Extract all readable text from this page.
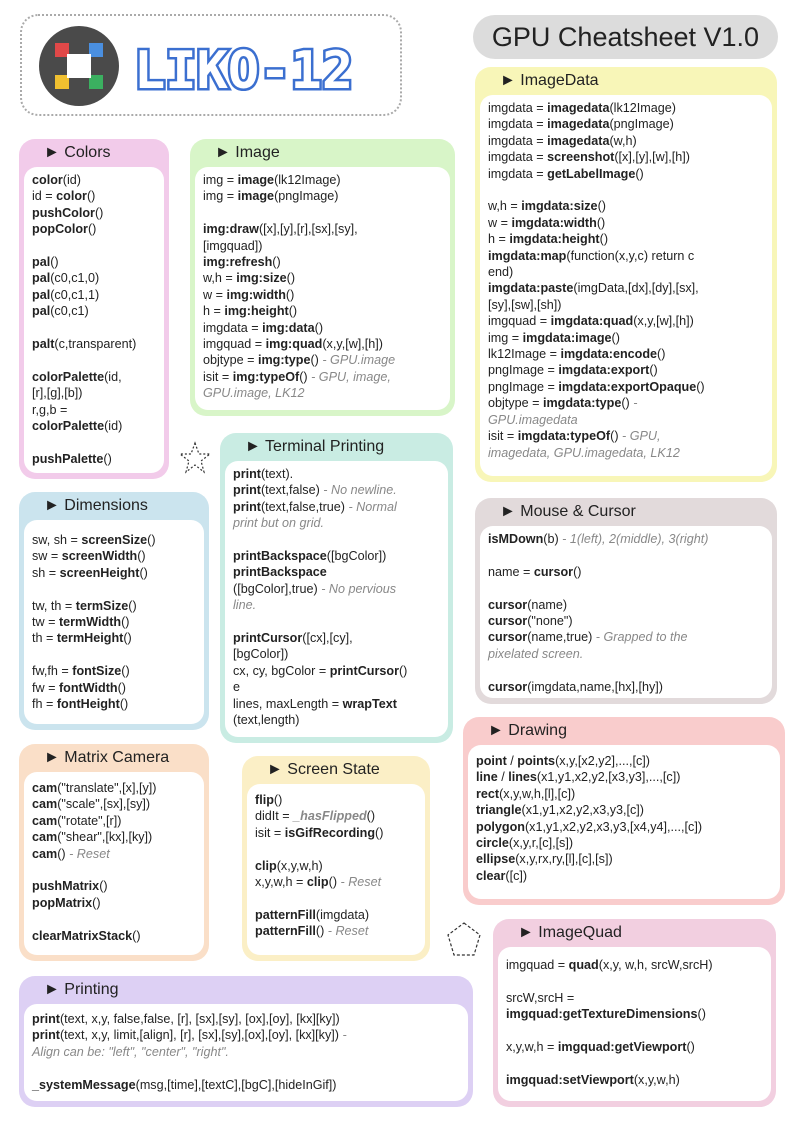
LIKO-12
GPU Cheatsheet V1.0
► Colors
color(id)
id = color()
pushColor()
popColor()
pal()
pal(c0,c1,0)
pal(c0,c1,1)
pal(c0,c1)
palt(c,transparent)
colorPalette(id,
[r],[g],[b])
r,g,b =
colorPalette(id)
pushPalette()
► Image
img = image(lk12Image)
img = image(pngImage)
img:draw([x],[y],[r],[sx],[sy],
[imgquad])
img:refresh()
w,h = img:size()
w = img:width()
h = img:height()
imgdata = img:data()
imgquad = img:quad(x,y,[w],[h])
objtype = img:type() - GPU.image
isit = img:typeOf() - GPU, image,
GPU.image, LK12
► ImageData
imgdata = imagedata(lk12Image)
imgdata = imagedata(pngImage)
imgdata = imagedata(w,h)
imgdata = screenshot([x],[y],[w],[h])
imgdata = getLabelImage()
w,h = imgdata:size()
w = imgdata:width()
h = imgdata:height()
imgdata:map(function(x,y,c) return c
end)
imgdata:paste(imgData,[dx],[dy],[sx],
[sy],[sw],[sh])
imgquad = imgdata:quad(x,y,[w],[h])
img = imgdata:image()
lk12Image = imgdata:encode()
pngImage = imgdata:export()
pngImage = imgdata:exportOpaque()
objtype = imgdata:type() -
GPU.imagedata
isit = imgdata:typeOf() - GPU,
imagedata, GPU.imagedata, LK12
► Terminal Printing
print(text).
print(text,false) - No newline.
print(text,false,true) - Normal
print but on grid.
printBackspace([bgColor])
printBackspace
([bgColor],true) - No pervious
line.
printCursor([cx],[cy],
[bgColor])
cx, cy, bgColor = printCursor()
e
lines, maxLength = wrapText
(text,length)
► Dimensions
sw, sh = screenSize()
sw = screenWidth()
sh = screenHeight()
tw, th = termSize()
tw = termWidth()
th = termHeight()
fw,fh = fontSize()
fw = fontWidth()
fh = fontHeight()
► Mouse & Cursor
isMDown(b) - 1(left), 2(middle), 3(right)
name = cursor()
cursor(name)
cursor("none")
cursor(name,true) - Grapped to the
pixelated screen.
cursor(imgdata,name,[hx],[hy])
► Drawing
point / points(x,y,[x2,y2],...,[c])
line / lines(x1,y1,x2,y2,[x3,y3],...,[c])
rect(x,y,w,h,[l],[c])
triangle(x1,y1,x2,y2,x3,y3,[c])
polygon(x1,y1,x2,y2,x3,y3,[x4,y4],...,[c])
circle(x,y,r,[c],[s])
ellipse(x,y,rx,ry,[l],[c],[s])
clear([c])
► Matrix Camera
cam("translate",[x],[y])
cam("scale",[sx],[sy])
cam("rotate",[r])
cam("shear",[kx],[ky])
cam() - Reset
pushMatrix()
popMatrix()
clearMatrixStack()
► Screen State
flip()
didIt = _hasFlipped()
isit = isGifRecording()
clip(x,y,w,h)
x,y,w,h = clip() - Reset
patternFill(imgdata)
patternFill() - Reset	► ImageQuad
imgquad = quad(x,y, w,h, srcW,srcH)
srcW,srcH =
imgquad:getTextureDimensions()
x,y,w,h = imgquad:getViewport()
imgquad:setViewport(x,y,w,h)
► Printing
print(text, x,y, false,false, [r], [sx],[sy], [ox],[oy], [kx][ky])
print(text, x,y, limit,[align], [r], [sx],[sy],[ox],[oy], [kx][ky]) -
Align can be: "left", "center", "right".
_systemMessage(msg,[time],[textC],[bgC],[hideInGif])
